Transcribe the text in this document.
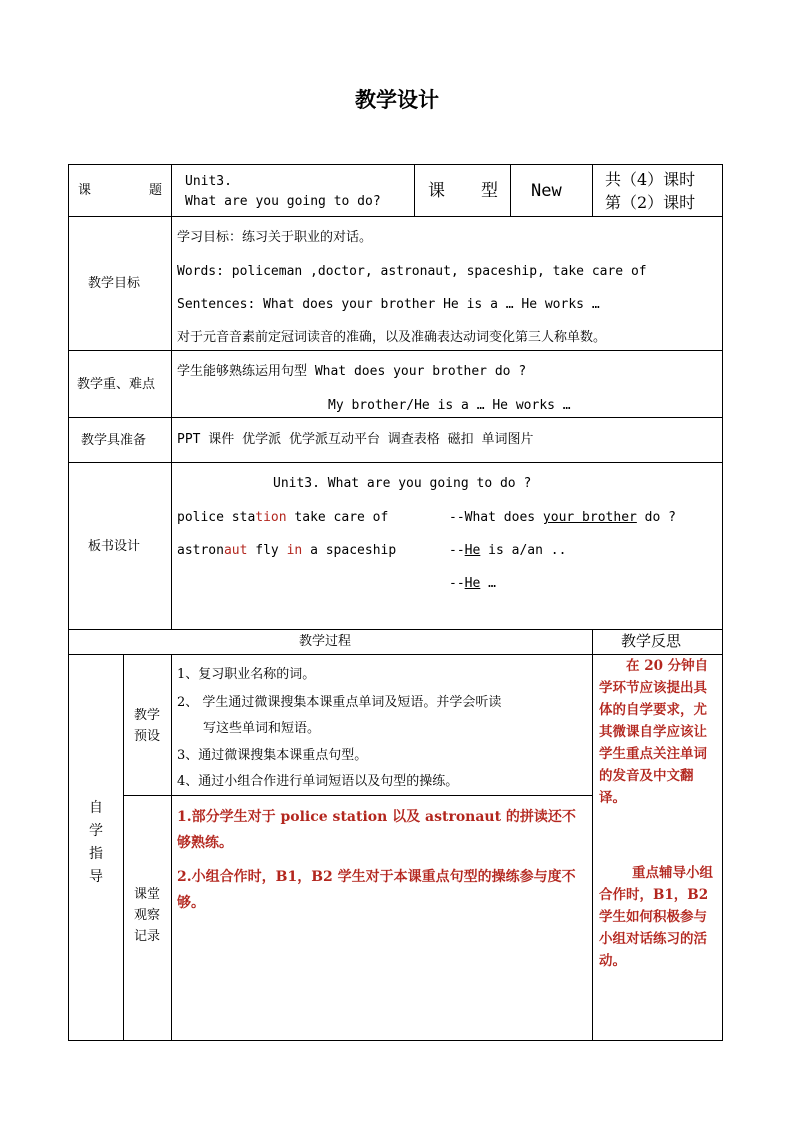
教学设计
课	题
Unit3.
What are you going to do?
课 型 New
共（4）课时
第（2）课时
教学目标
学习目标：练习关于职业的对话。
Words: policeman ,doctor, astronaut, spaceship, take care of
Sentences: What does your brother He is a … He works …
对于元音音素前定冠词读音的准确，以及准确表达动词变化第三人称单数。
教学重、难点
学生能够熟练运用句型 What does your brother do ?
My brother/He is a … He works …
教学具准备 PPT 课件 优学派 优学派互动平台 调查表格 磁扣 单词图片
板书设计
Unit3. What are you going to do ?
police station take care of
astronaut fly in a spaceship
--What does your brother do ?
--He is a/an ..
--He …
教学过程	教学反思
自
学
指
导
教学
预设
1、复习职业名称的词。
2、 学生通过微课搜集本课重点单词及短语。并学会听读
写这些单词和短语。
3、通过微课搜集本课重点句型。
4、通过小组合作进行单词短语以及句型的操练。
课堂
观察
记录
1.部分学生对于 police station 以及 astronaut 的拼读还不够熟练。
2.小组合作时，B1，B2 学生对于本课重点句型的操练参与度不够。
在 20 分钟自学环节应该提出具体的自学要求，尤其微课自学应该让学生重点关注单词的发音及中文翻译。
重点辅导小组合作时，B1，B2 学生如何积极参与小组对话练习的活动。
